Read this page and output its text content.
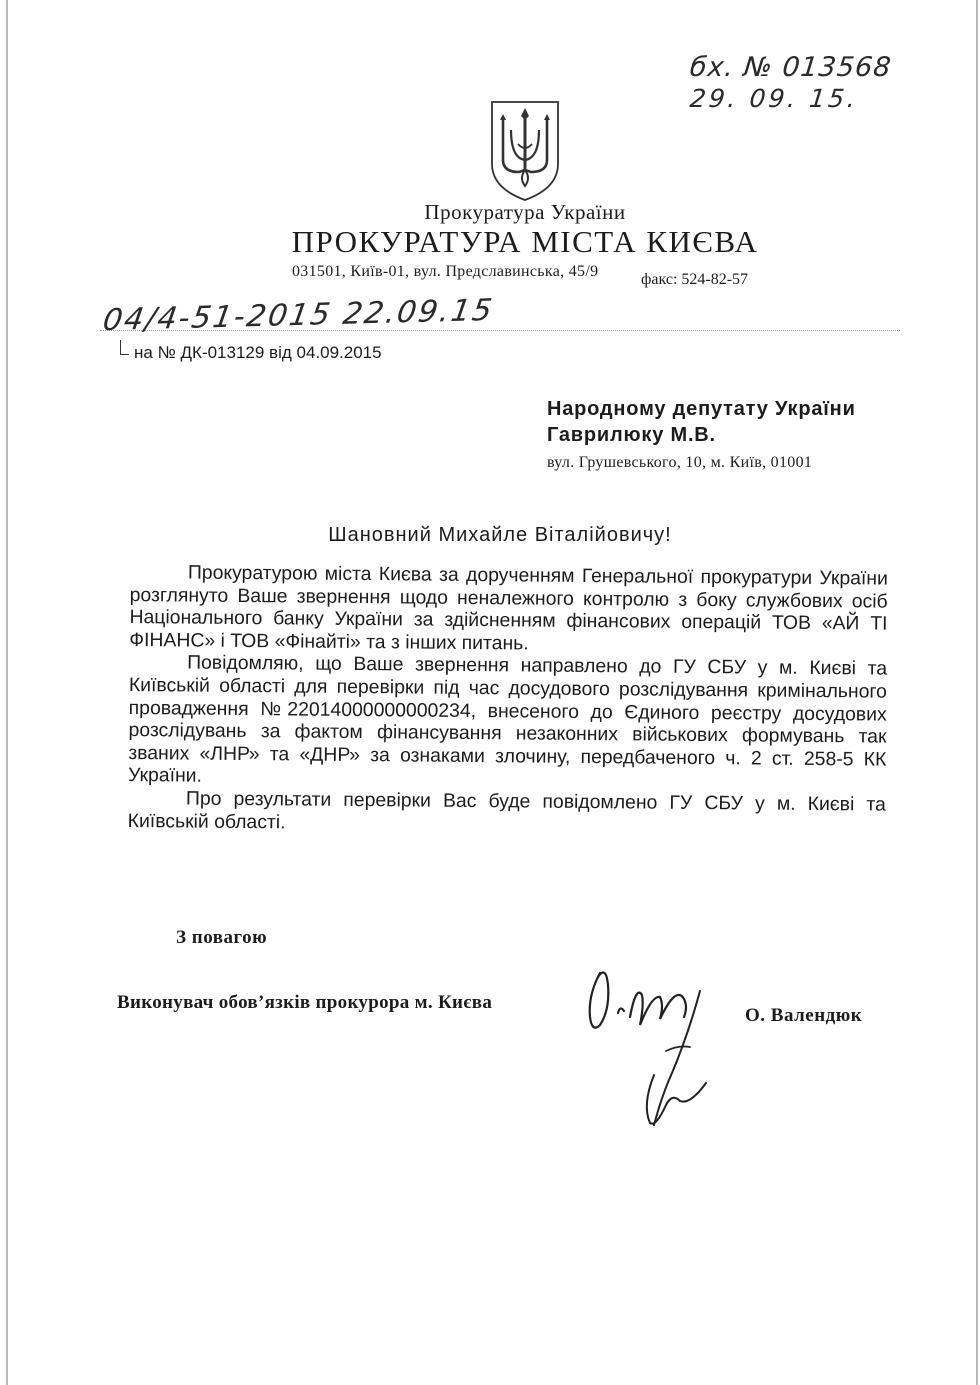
бх. № 013568
29. 09. 15.
Прокуратура України
ПРОКУРАТУРА МІСТА КИЄВА
031501, Київ-01, вул. Предславинська, 45/9	факс: 524-82-57
04/4-51-2015 22.09.15
на № ДК-013129 від 04.09.2015
Народному депутату України
Гаврилюку М.В.
вул. Грушевського, 10, м. Київ, 01001
Шановний Михайле Віталійовичу!

Прокуратурою міста Києва за дорученням Генеральної прокуратури України розглянуто Ваше звернення щодо неналежного контролю з боку службових осіб Національного банку України за здійсненням фінансових операцій ТОВ «АЙ ТІ ФІНАНС» і ТОВ «Фінайті» та з інших питань.

Повідомляю, що Ваше звернення направлено до ГУ СБУ у м. Києві та Київській області для перевірки під час досудового розслідування кримінального провадження №22014000000000234, внесеного до Єдиного реєстру досудових розслідувань за фактом фінансування незаконних військових формувань так званих «ЛНР» та «ДНР» за ознаками злочину, передбаченого ч. 2 ст. 258-5 КК України.

Про результати перевірки Вас буде повідомлено ГУ СБУ у м. Києві та Київській області.

З повагою
Виконувач обов’язків прокурора м. Києва
О. Валендюк
